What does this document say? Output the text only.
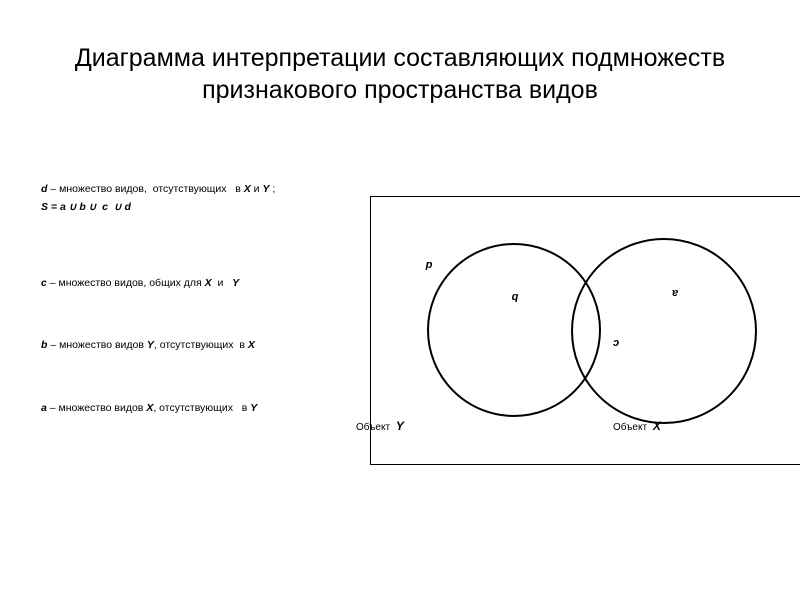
Диаграмма интерпретации составляющих подмножеств
признакового пространства видов
d – множество видов,  отсутствующих   в X и Y ;
S = a ∪ b ∪  c  ∪ d
c – множество видов, общих для X  и   Y
b – множество видов Y, отсутствующих  в X
a – множество видов X, отсутствующих   в Y
d
b	a
c
Объект Y	Объект X
